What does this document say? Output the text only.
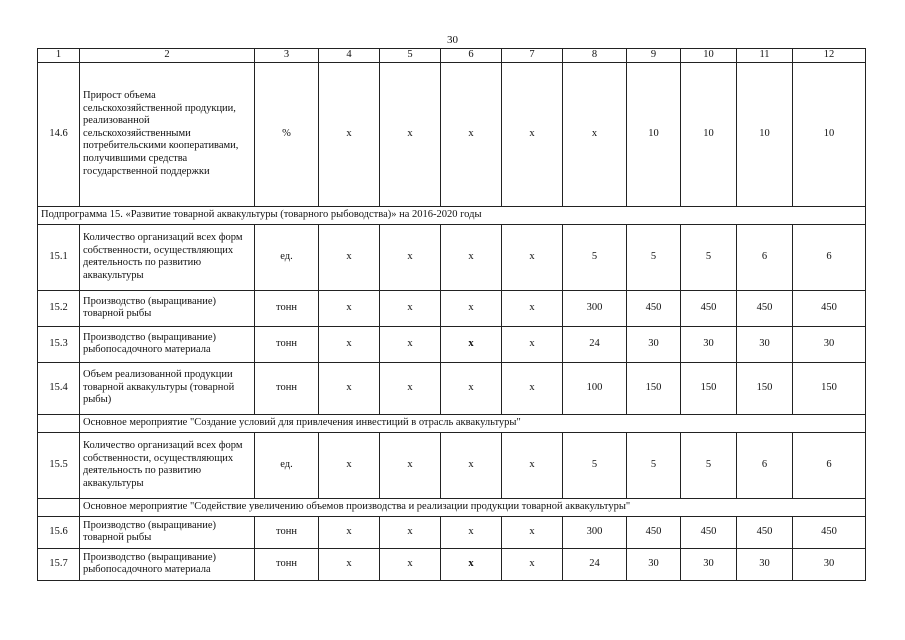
30
1	2	3	4	5	6	7	8	9	10	11	12
14.6	Прирост объема сельскохозяйственной продукции, реализованной сельскохозяйственными потребительскими кооперативами, получившими средства государственной поддержки	%	х	х	х	х	х	10	10	10	10
Подпрограмма 15. «Развитие товарной аквакультуры (товарного рыбоводства)» на 2016-2020 годы											
15.1	Количество организаций всех форм собственности, осуществляющих деятельность по развитию аквакультуры	ед.	х	х	х	х	5	5	5	6	6
15.2	Производство (выращивание) товарной рыбы	тонн	х	х	х	х	300	450	450	450	450
15.3	Производство (выращивание) рыбопосадочного материала	тонн	х	х	х	х	24	30	30	30	30
15.4	Объем реализованной продукции товарной аквакультуры (товарной рыбы)	тонн	х	х	х	х	100	150	150	150	150
	Основное мероприятие "Создание условий для привлечения инвестиций в отрасль аквакультуры"										
15.5	Количество организаций всех форм собственности, осуществляющих деятельность по развитию аквакультуры	ед.	х	х	х	х	5	5	5	6	6
	Основное мероприятие "Содействие увеличению объемов производства и реализации продукции товарной аквакультуры"										
15.6	Производство (выращивание) товарной рыбы	тонн	х	х	х	х	300	450	450	450	450
15.7	Производство (выращивание) рыбопосадочного материала	тонн	х	х	х	х	24	30	30	30	30
